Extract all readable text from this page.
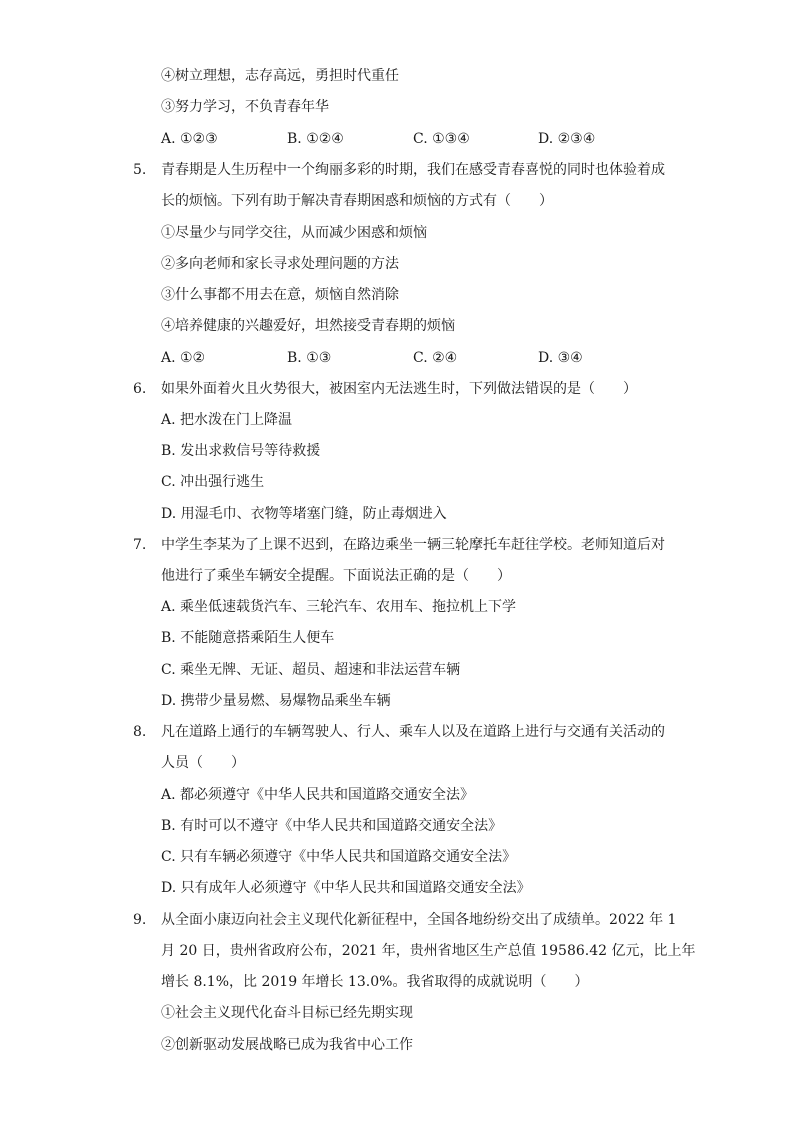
④树立理想，志存高远，勇担时代重任
③努力学习，不负青春年华
A. ①②③	B. ①②④	C. ①③④	D. ②③④
5. 青春期是人生历程中一个绚丽多彩的时期，我们在感受青春喜悦的同时也体验着成
长的烦恼。下列有助于解决青春期困惑和烦恼的方式有（　　）
①尽量少与同学交往，从而减少困惑和烦恼
②多向老师和家长寻求处理问题的方法
③什么事都不用去在意，烦恼自然消除
④培养健康的兴趣爱好，坦然接受青春期的烦恼
A. ①②	B. ①③	C. ②④	D. ③④
6. 如果外面着火且火势很大，被困室内无法逃生时，下列做法错误的是（　　）
A. 把水泼在门上降温
B. 发出求救信号等待救援
C. 冲出强行逃生
D. 用湿毛巾、衣物等堵塞门缝，防止毒烟进入
7. 中学生李某为了上课不迟到，在路边乘坐一辆三轮摩托车赶往学校。老师知道后对
他进行了乘坐车辆安全提醒。下面说法正确的是（　　）
A. 乘坐低速载货汽车、三轮汽车、农用车、拖拉机上下学
B. 不能随意搭乘陌生人便车
C. 乘坐无牌、无证、超员、超速和非法运营车辆
D. 携带少量易燃、易爆物品乘坐车辆
8. 凡在道路上通行的车辆驾驶人、行人、乘车人以及在道路上进行与交通有关活动的
人员（　　）
A. 都必须遵守《中华人民共和国道路交通安全法》
B. 有时可以不遵守《中华人民共和国道路交通安全法》
C. 只有车辆必须遵守《中华人民共和国道路交通安全法》
D. 只有成年人必须遵守《中华人民共和国道路交通安全法》
9. 从全面小康迈向社会主义现代化新征程中，全国各地纷纷交出了成绩单。2022 年 1
月 20 日，贵州省政府公布，2021 年，贵州省地区生产总值 19586.42 亿元，比上年
增长 8.1%，比 2019 年增长 13.0%。我省取得的成就说明（　　）
①社会主义现代化奋斗目标已经先期实现
②创新驱动发展战略已成为我省中心工作
